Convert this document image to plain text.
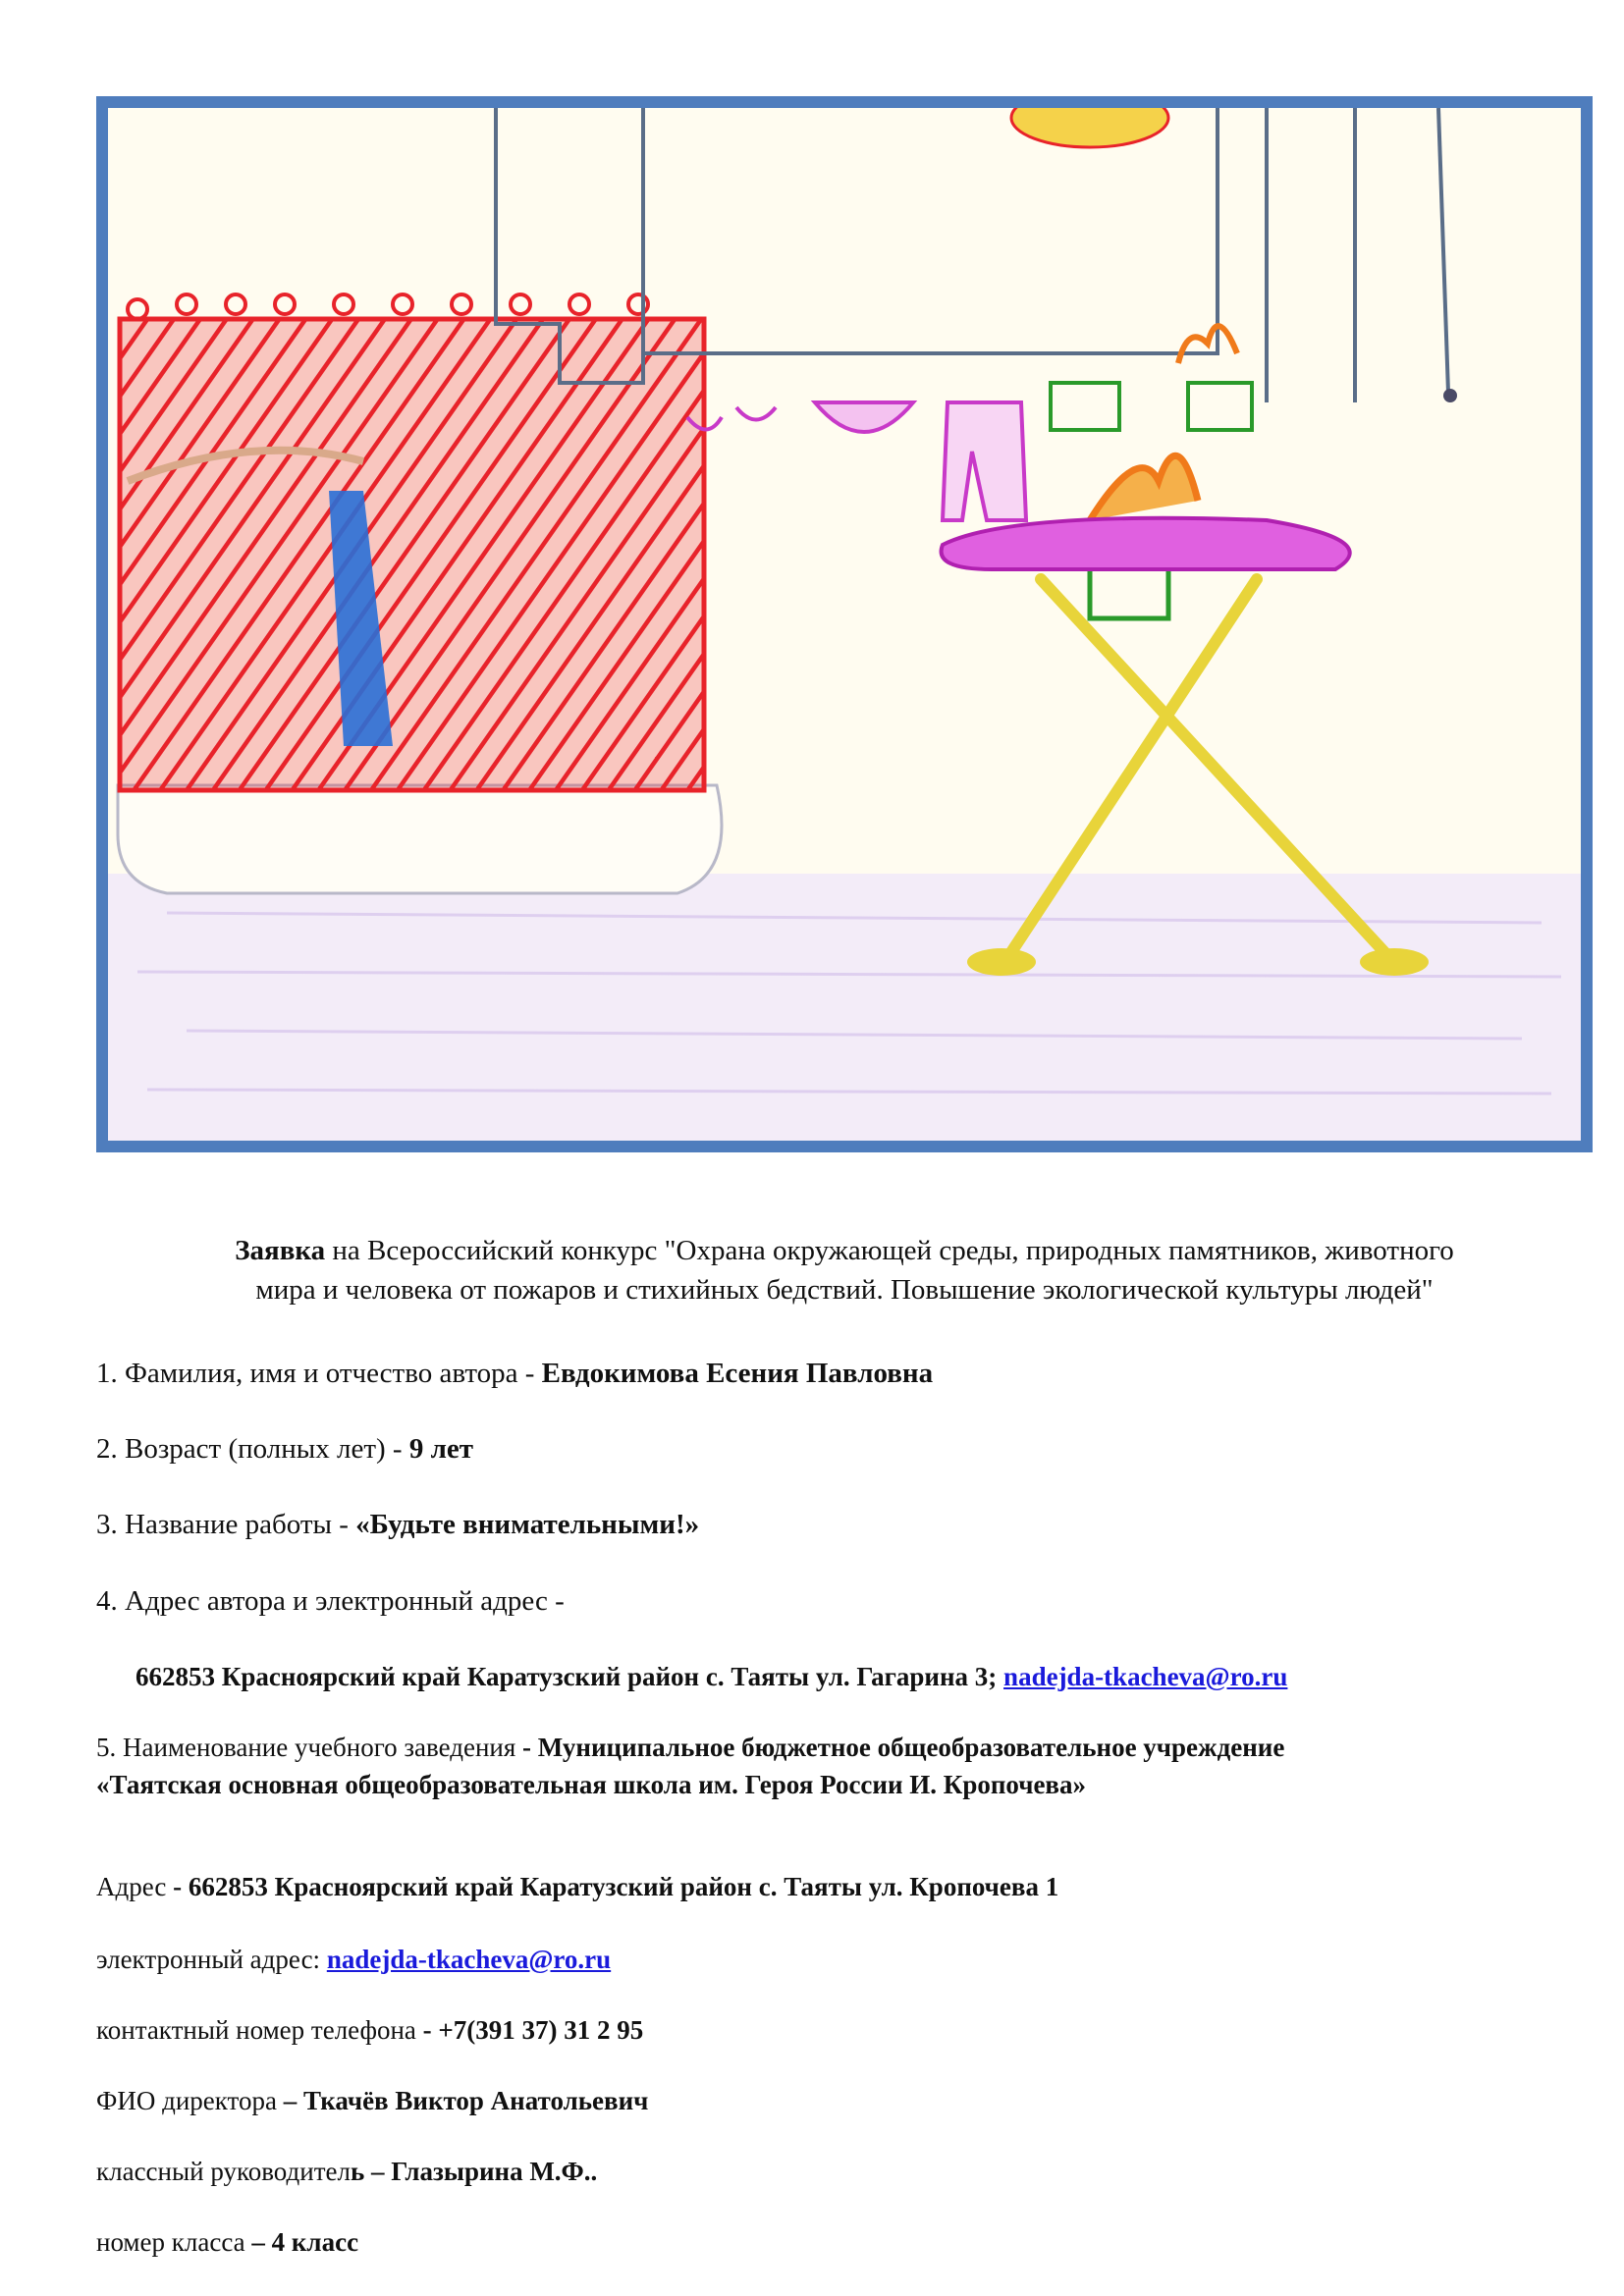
Заявка на Всероссийский конкурс "Охрана окружающей среды, природных памятников, животного
мира и человека от пожаров и стихийных бедствий. Повышение экологической культуры людей"
1. Фамилия, имя и отчество автора - Евдокимова Есения Павловна
2. Возраст (полных лет) - 9 лет
3. Название работы - «Будьте внимательными!»
4. Адрес автора и электронный адрес -
662853 Красноярский край Каратузский район с. Таяты ул. Гагарина 3; nadejda-tkacheva@ro.ru
5. Наименование учебного заведения - Муниципальное бюджетное общеобразовательное учреждение
«Таятская основная общеобразовательная школа им. Героя России И. Кропочева»
Адрес - 662853 Красноярский край Каратузский район с. Таяты ул. Кропочева 1
электронный адрес: nadejda-tkacheva@ro.ru
контактный номер телефона - +7(391 37) 31 2 95
ФИО директора – Ткачёв Виктор Анатольевич
классный руководитель – Глазырина М.Ф..
номер класса – 4 класс
